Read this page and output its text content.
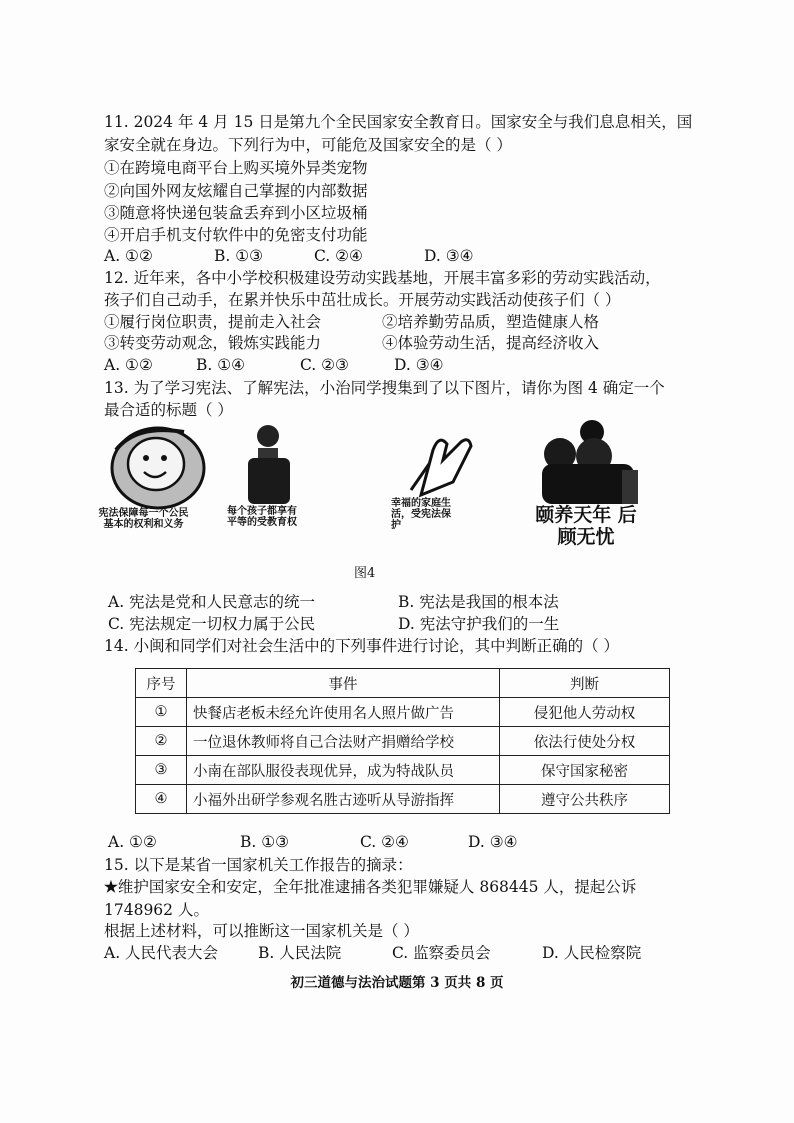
11. 2024 年 4 月 15 日是第九个全民国家安全教育日。国家安全与我们息息相关，国
家安全就在身边。下列行为中，可能危及国家安全的是（ ）
①在跨境电商平台上购买境外异类宠物
②向国外网友炫耀自己掌握的内部数据
③随意将快递包装盒丢弃到小区垃圾桶
④开启手机支付软件中的免密支付功能
A. ①②	B. ①③	C. ②④	D. ③④
12. 近年来，各中小学校积极建设劳动实践基地，开展丰富多彩的劳动实践活动，
孩子们自己动手，在累并快乐中茁壮成长。开展劳动实践活动使孩子们（ ）
①履行岗位职责，提前走入社会	②培养勤劳品质，塑造健康人格
③转变劳动观念，锻炼实践能力	④体验劳动生活，提高经济收入
A. ①②	B. ①④	C. ②③	D. ③④
13. 为了学习宪法、了解宪法，小治同学搜集到了以下图片，请你为图 4 确定一个
最合适的标题（ ）
宪法保障每一个公民基本的权利和义务
每个孩子都享有平等的受教育权
幸福的家庭生活，受宪法保护	颐养天年 后顾无忧
图4
A. 宪法是党和人民意志的统一	B. 宪法是我国的根本法
C. 宪法规定一切权力属于公民	D. 宪法守护我们的一生
14. 小闽和同学们对社会生活中的下列事件进行讨论，其中判断正确的（ ）
序号	事件	判断
①	快餐店老板未经允许使用名人照片做广告	侵犯他人劳动权
②	一位退休教师将自己合法财产捐赠给学校	依法行使处分权
③	小南在部队服役表现优异，成为特战队员	保守国家秘密
④	小福外出研学参观名胜古迹听从导游指挥	遵守公共秩序
A. ①②	B. ①③	C. ②④	D. ③④
15. 以下是某省一国家机关工作报告的摘录：
★维护国家安全和安定，全年批准逮捕各类犯罪嫌疑人 868445 人，提起公诉
1748962 人。
根据上述材料，可以推断这一国家机关是（ ）
A. 人民代表大会	B. 人民法院	C. 监察委员会	D. 人民检察院
初三道德与法治试题第 3 页共 8 页
